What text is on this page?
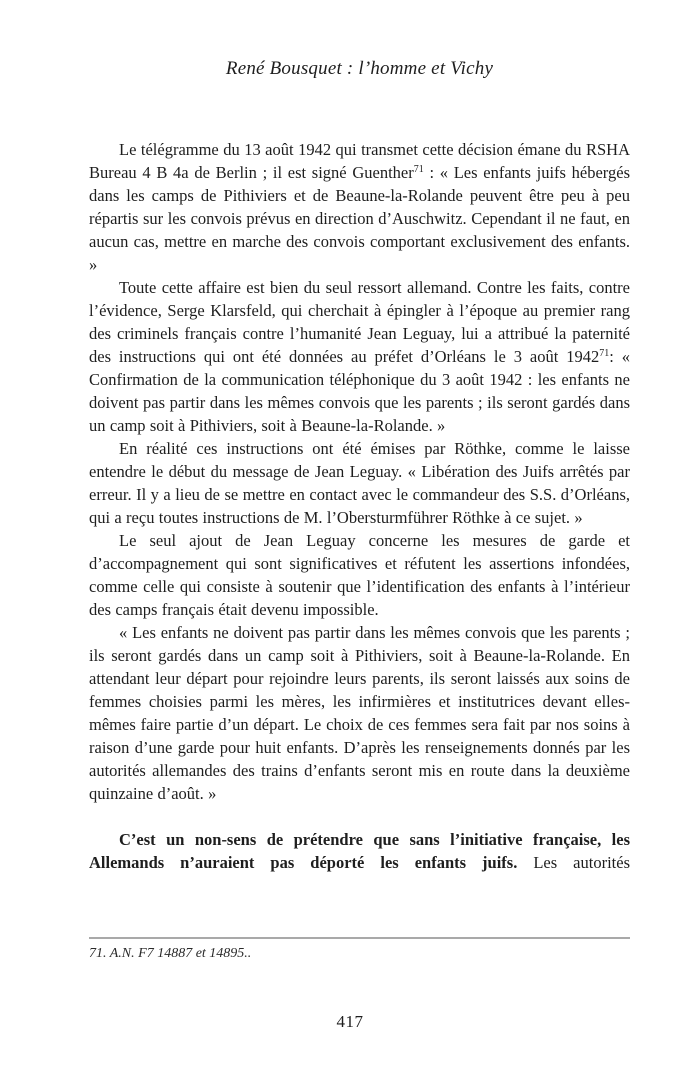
René Bousquet : l’homme et Vichy

Le télégramme du 13 août 1942 qui transmet cette décision émane du RSHA Bureau 4 B 4a de Berlin ; il est signé Guenther$^{71}$ : « Les enfants juifs hébergés dans les camps de Pithiviers et de Beaune-la-Rolande peuvent être peu à peu répartis sur les convois prévus en direction d’Auschwitz. Cependant il ne faut, en aucun cas, mettre en marche des convois comportant exclusivement des enfants. »

Toute cette affaire est bien du seul ressort allemand. Contre les faits, contre l’évidence, Serge Klarsfeld, qui cherchait à épingler à l’époque au premier rang des criminels français contre l’humanité Jean Leguay, lui a attribué la paternité des instructions qui ont été données au préfet d’Orléans le 3 août 1942$^{71}$: « Confirmation de la communication téléphonique du 3 août 1942 : les enfants ne doivent pas partir dans les mêmes convois que les parents ; ils seront gardés dans un camp soit à Pithiviers, soit à Beaune-la-Rolande. »

En réalité ces instructions ont été émises par Röthke, comme le laisse entendre le début du message de Jean Leguay. « Libération des Juifs arrêtés par erreur. Il y a lieu de se mettre en contact avec le commandeur des S.S. d’Orléans, qui a reçu toutes instructions de M. l’Obersturmführer Röthke à ce sujet. »

Le seul ajout de Jean Leguay concerne les mesures de garde et d’accompagnement qui sont significatives et réfutent les assertions infondées, comme celle qui consiste à soutenir que l’identification des enfants à l’intérieur des camps français était devenu impossible.

« Les enfants ne doivent pas partir dans les mêmes convois que les parents ; ils seront gardés dans un camp soit à Pithiviers, soit à Beaune-la-Rolande. En attendant leur départ pour rejoindre leurs parents, ils seront laissés aux soins de femmes choisies parmi les mères, les infirmières et institutrices devant elles-mêmes faire partie d’un départ. Le choix de ces femmes sera fait par nos soins à raison d’une garde pour huit enfants. D’après les renseignements donnés par les autorités allemandes des trains d’enfants seront mis en route dans la deuxième quinzaine d’août. »

C’est un non-sens de prétendre que sans l’initiative française, les Allemands n’auraient pas déporté les enfants juifs. Les autorités

71. A.N. F7 14887 et 14895..
417
